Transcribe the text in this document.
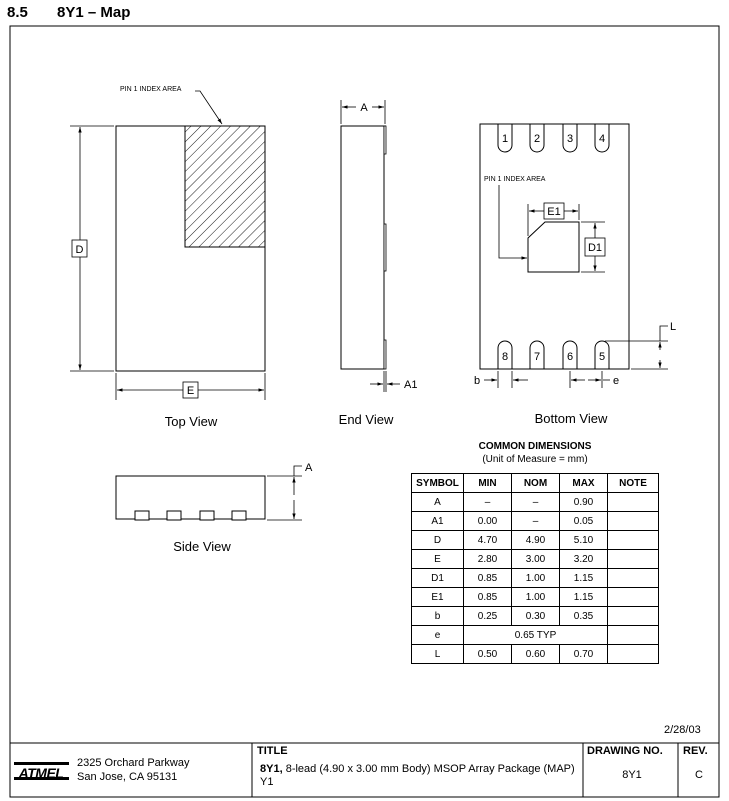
8.5 8Y1 – Map
PIN 1 INDEX AREA
D
E
Top View
A
A1
End View
1 2 3 4
8 7 6 5
PIN 1 INDEX AREA
E1
D1
L
b	e
Bottom View
A
Side View
ATMEL
COMMON DIMENSIONS
(Unit of Measure = mm)
SYMBOL	MIN	NOM	MAX	NOTE
A	–	–	0.90	
A1	0.00	–	0.05	
D	4.70	4.90	5.10	
E	2.80	3.00	3.20	
D1	0.85	1.00	1.15	
E1	0.85	1.00	1.15	
b	0.25	0.30	0.35	
e	0.65 TYP			
L	0.50	0.60	0.70	
2/28/03
2325 Orchard Parkway
San Jose, CA 95131
TITLE
8Y1, 8-lead (4.90 x 3.00 mm Body) MSOP Array Package (MAP) Y1
DRAWING NO.
8Y1
REV.
C
